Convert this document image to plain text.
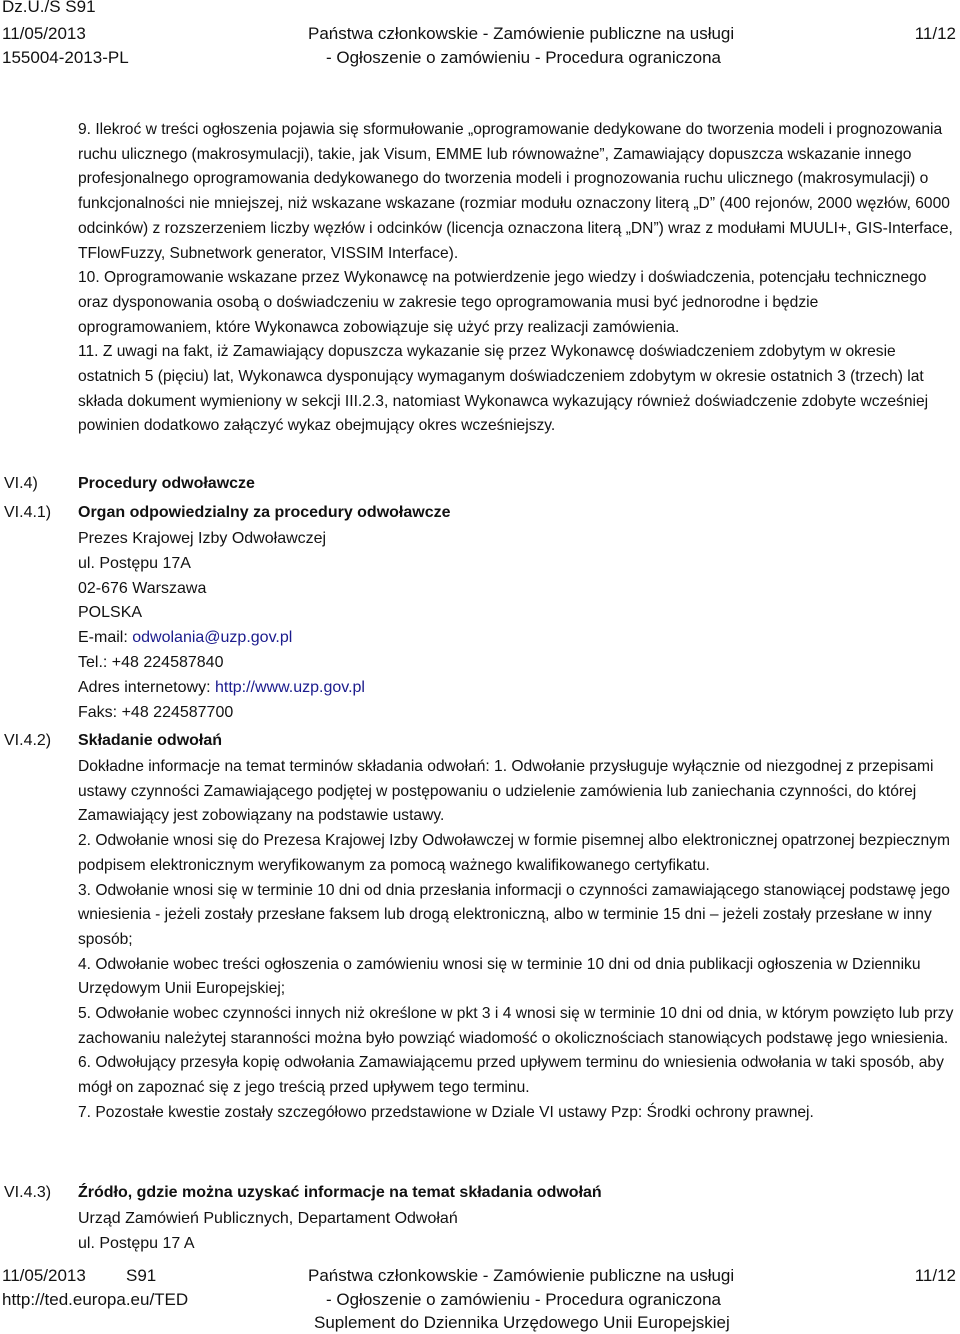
Dz.U./S S91
11/05/2013
155004-2013-PL
Państwa członkowskie - Zamówienie publiczne na usługi
- Ogłoszenie o zamówieniu - Procedura ograniczona
11/12

9. Ilekroć w treści ogłoszenia pojawia się sformułowanie „oprogramowanie dedykowane do tworzenia modeli i prognozowania ruchu ulicznego (makrosymulacji), takie, jak Visum, EMME lub równoważne”, Zamawiający dopuszcza wskazanie innego profesjonalnego oprogramowania dedykowanego do tworzenia modeli i prognozowania ruchu ulicznego (makrosymulacji) o funkcjonalności nie mniejszej, niż wskazane wskazane (rozmiar modułu oznaczony literą „D” (400 rejonów, 2000 węzłów, 6000 odcinków) z rozszerzeniem liczby węzłów i odcinków (licencja oznaczona literą „DN”) wraz z modułami MUULI+, GIS-Interface, TFlowFuzzy, Subnetwork generator, VISSIM Interface).

10. Oprogramowanie wskazane przez Wykonawcę na potwierdzenie jego wiedzy i doświadczenia, potencjału technicznego oraz dysponowania osobą o doświadczeniu w zakresie tego oprogramowania musi być jednorodne i będzie oprogramowaniem, które Wykonawca zobowiązuje się użyć przy realizacji zamówienia.

11. Z uwagi na fakt, iż Zamawiający dopuszcza wykazanie się przez Wykonawcę doświadczeniem zdobytym w okresie ostatnich 5 (pięciu) lat, Wykonawca dysponujący wymaganym doświadczeniem zdobytym w okresie ostatnich 3 (trzech) lat składa dokument wymieniony w sekcji III.2.3, natomiast Wykonawca wykazujący również doświadczenie zdobyte wcześniej powinien dodatkowo załączyć wykaz obejmujący okres wcześniejszy.

VI.4)	Procedury odwoławcze
VI.4.1) Organ odpowiedzialny za procedury odwoławcze
Prezes Krajowej Izby Odwoławczej
ul. Postępu 17A
02-676 Warszawa
POLSKA
E-mail: odwolania@uzp.gov.pl
Tel.: +48 224587840
Adres internetowy: http://www.uzp.gov.pl
Faks: +48 224587700
VI.4.2) Składanie odwołań

Dokładne informacje na temat terminów składania odwołań: 1. Odwołanie przysługuje wyłącznie od niezgodnej z przepisami ustawy czynności Zamawiającego podjętej w postępowaniu o udzielenie zamówienia lub zaniechania czynności, do której Zamawiający jest zobowiązany na podstawie ustawy.

2. Odwołanie wnosi się do Prezesa Krajowej Izby Odwoławczej w formie pisemnej albo elektronicznej opatrzonej bezpiecznym podpisem elektronicznym weryfikowanym za pomocą ważnego kwalifikowanego certyfikatu.

3. Odwołanie wnosi się w terminie 10 dni od dnia przesłania informacji o czynności zamawiającego stanowiącej podstawę jego wniesienia - jeżeli zostały przesłane faksem lub drogą elektroniczną, albo w terminie 15 dni – jeżeli zostały przesłane w inny sposób;

4. Odwołanie wobec treści ogłoszenia o zamówieniu wnosi się w terminie 10 dni od dnia publikacji ogłoszenia w Dzienniku Urzędowym Unii Europejskiej;

5. Odwołanie wobec czynności innych niż określone w pkt 3 i 4 wnosi się w terminie 10 dni od dnia, w którym powzięto lub przy zachowaniu należytej staranności można było powziąć wiadomość o okolicznościach stanowiących podstawę jego wniesienia.

6. Odwołujący przesyła kopię odwołania Zamawiającemu przed upływem terminu do wniesienia odwołania w taki sposób, aby mógł on zapoznać się z jego treścią przed upływem tego terminu.

7. Pozostałe kwestie zostały szczegółowo przedstawione w Dziale VI ustawy Pzp: Środki ochrony prawnej.

VI.4.3) Źródło, gdzie można uzyskać informacje na temat składania odwołań
Urząd Zamówień Publicznych, Departament Odwołań
ul. Postępu 17 A
11/05/2013 S91
http://ted.europa.eu/TED
Państwa członkowskie - Zamówienie publiczne na usługi
- Ogłoszenie o zamówieniu - Procedura ograniczona
Suplement do Dziennika Urzędowego Unii Europejskiej
11/12
